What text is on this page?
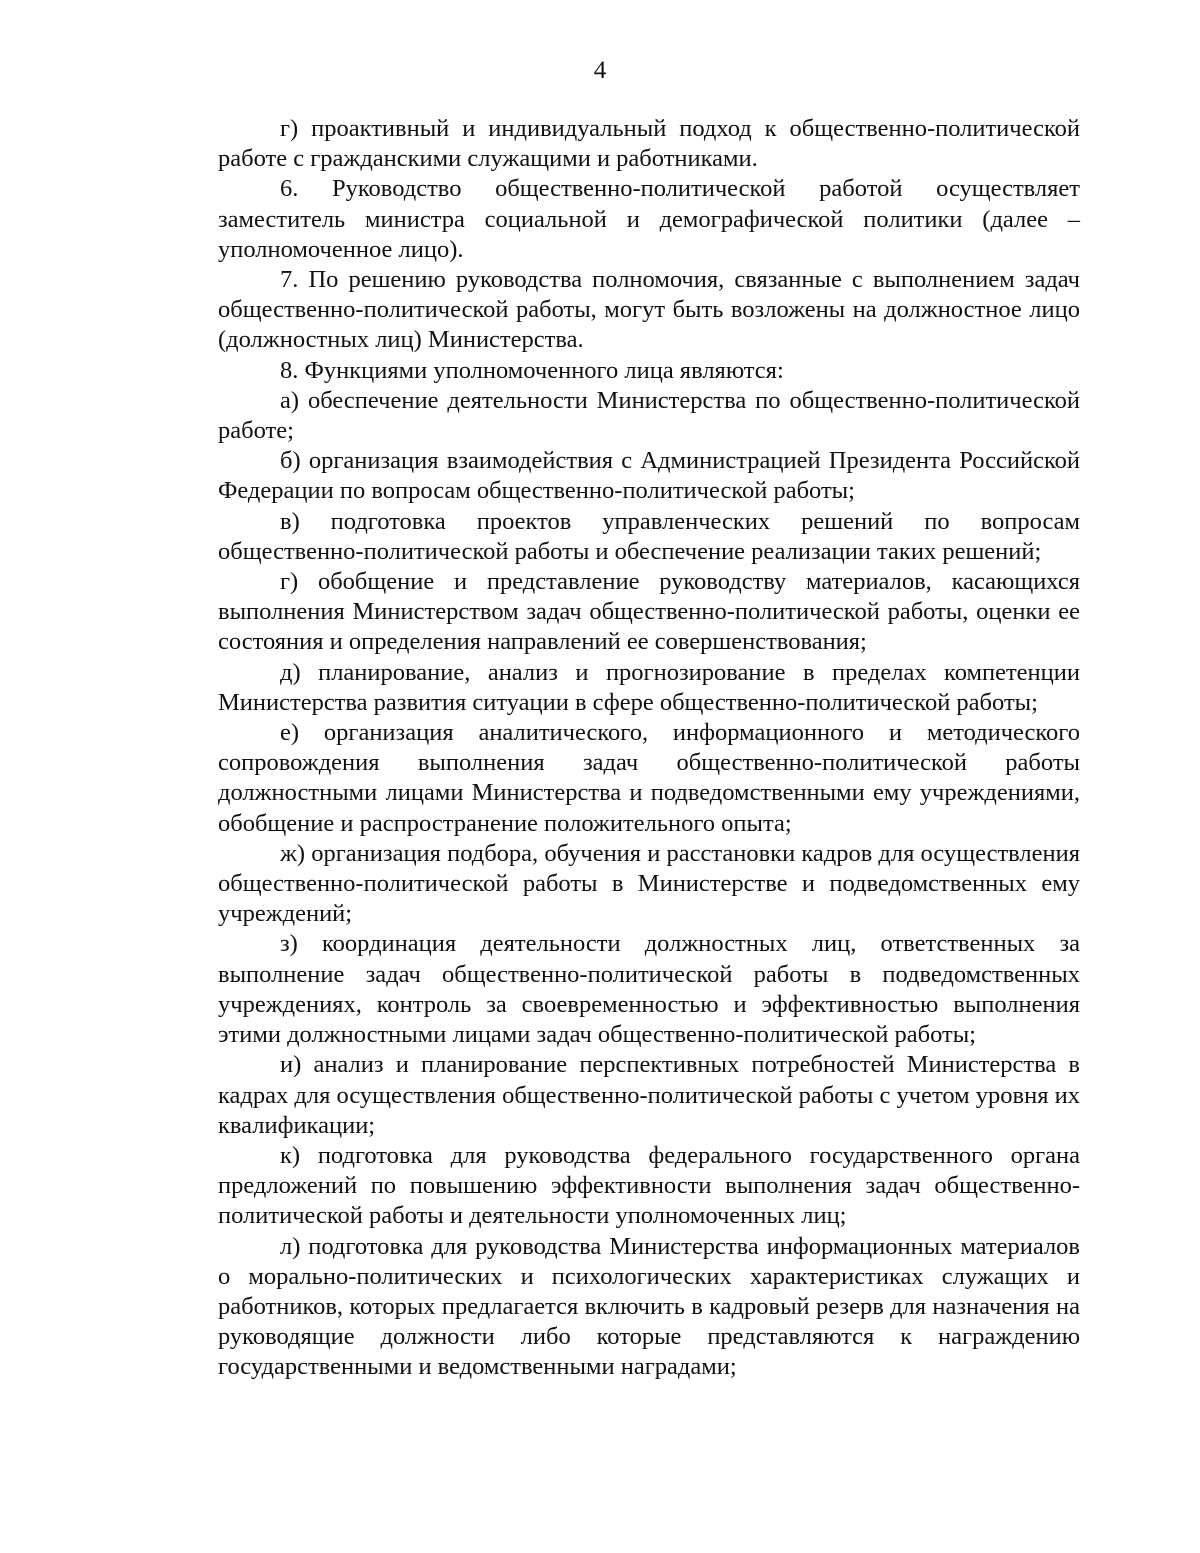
4

г) проактивный и индивидуальный подход к общественно-политической работе с гражданскими служащими и работниками.

6. Руководство общественно-политической работой осуществляет заместитель министра социальной и демографической политики (далее – уполномоченное лицо).

7. По решению руководства полномочия, связанные с выполнением задач общественно-политической работы, могут быть возложены на должностное лицо (должностных лиц) Министерства.

8. Функциями уполномоченного лица являются:

а) обеспечение деятельности Министерства по общественно-политической работе;

б) организация взаимодействия с Администрацией Президента Российской Федерации по вопросам общественно-политической работы;

в) подготовка проектов управленческих решений по вопросам общественно-политической работы и обеспечение реализации таких решений;

г) обобщение и представление руководству материалов, касающихся выполнения Министерством задач общественно-политической работы, оценки ее состояния и определения направлений ее совершенствования;

д) планирование, анализ и прогнозирование в пределах компетенции Министерства развития ситуации в сфере общественно-политической работы;

е) организация аналитического, информационного и методического сопровождения выполнения задач общественно-политической работы должностными лицами Министерства и подведомственными ему учреждениями, обобщение и распространение положительного опыта;

ж) организация подбора, обучения и расстановки кадров для осуществления общественно-политической работы в Министерстве и подведомственных ему учреждений;

з) координация деятельности должностных лиц, ответственных за выполнение задач общественно-политической работы в подведомственных учреждениях, контроль за своевременностью и эффективностью выполнения этими должностными лицами задач общественно-политической работы;

и) анализ и планирование перспективных потребностей Министерства в кадрах для осуществления общественно-политической работы с учетом уровня их квалификации;

к) подготовка для руководства федерального государственного органа предложений по повышению эффективности выполнения задач общественно-политической работы и деятельности уполномоченных лиц;

л) подготовка для руководства Министерства информационных материалов о морально-политических и психологических характеристиках служащих и работников, которых предлагается включить в кадровый резерв для назначения на руководящие должности либо которые представляются к награждению государственными и ведомственными наградами;
